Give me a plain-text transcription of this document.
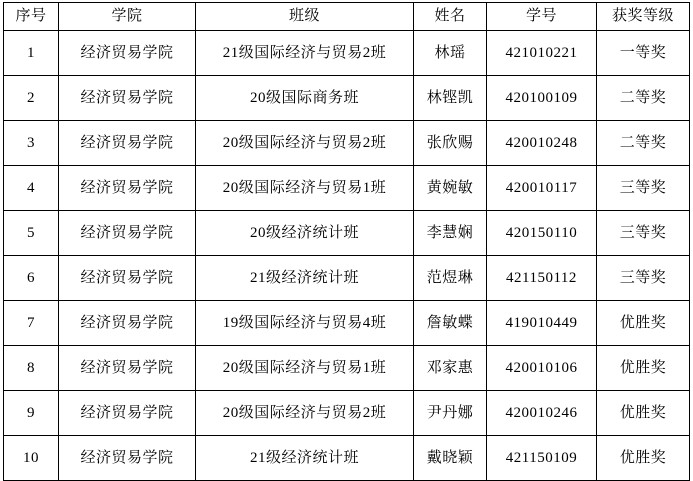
序号	学院	班级	姓名	学号	获奖等级
1	经济贸易学院	21级国际经济与贸易2班	林瑶	421010221	一等奖
2	经济贸易学院	20级国际商务班	林铿凯	420100109	二等奖
3	经济贸易学院	20级国际经济与贸易2班	张欣赐	420010248	二等奖
4	经济贸易学院	20级国际经济与贸易1班	黄婉敏	420010117	三等奖
5	经济贸易学院	20级经济统计班	李慧娴	420150110	三等奖
6	经济贸易学院	21级经济统计班	范煜琳	421150112	三等奖
7	经济贸易学院	19级国际经济与贸易4班	詹敏蝶	419010449	优胜奖
8	经济贸易学院	20级国际经济与贸易1班	邓家惠	420010106	优胜奖
9	经济贸易学院	20级国际经济与贸易2班	尹丹娜	420010246	优胜奖
10	经济贸易学院	21级经济统计班	戴晓颖	421150109	优胜奖
